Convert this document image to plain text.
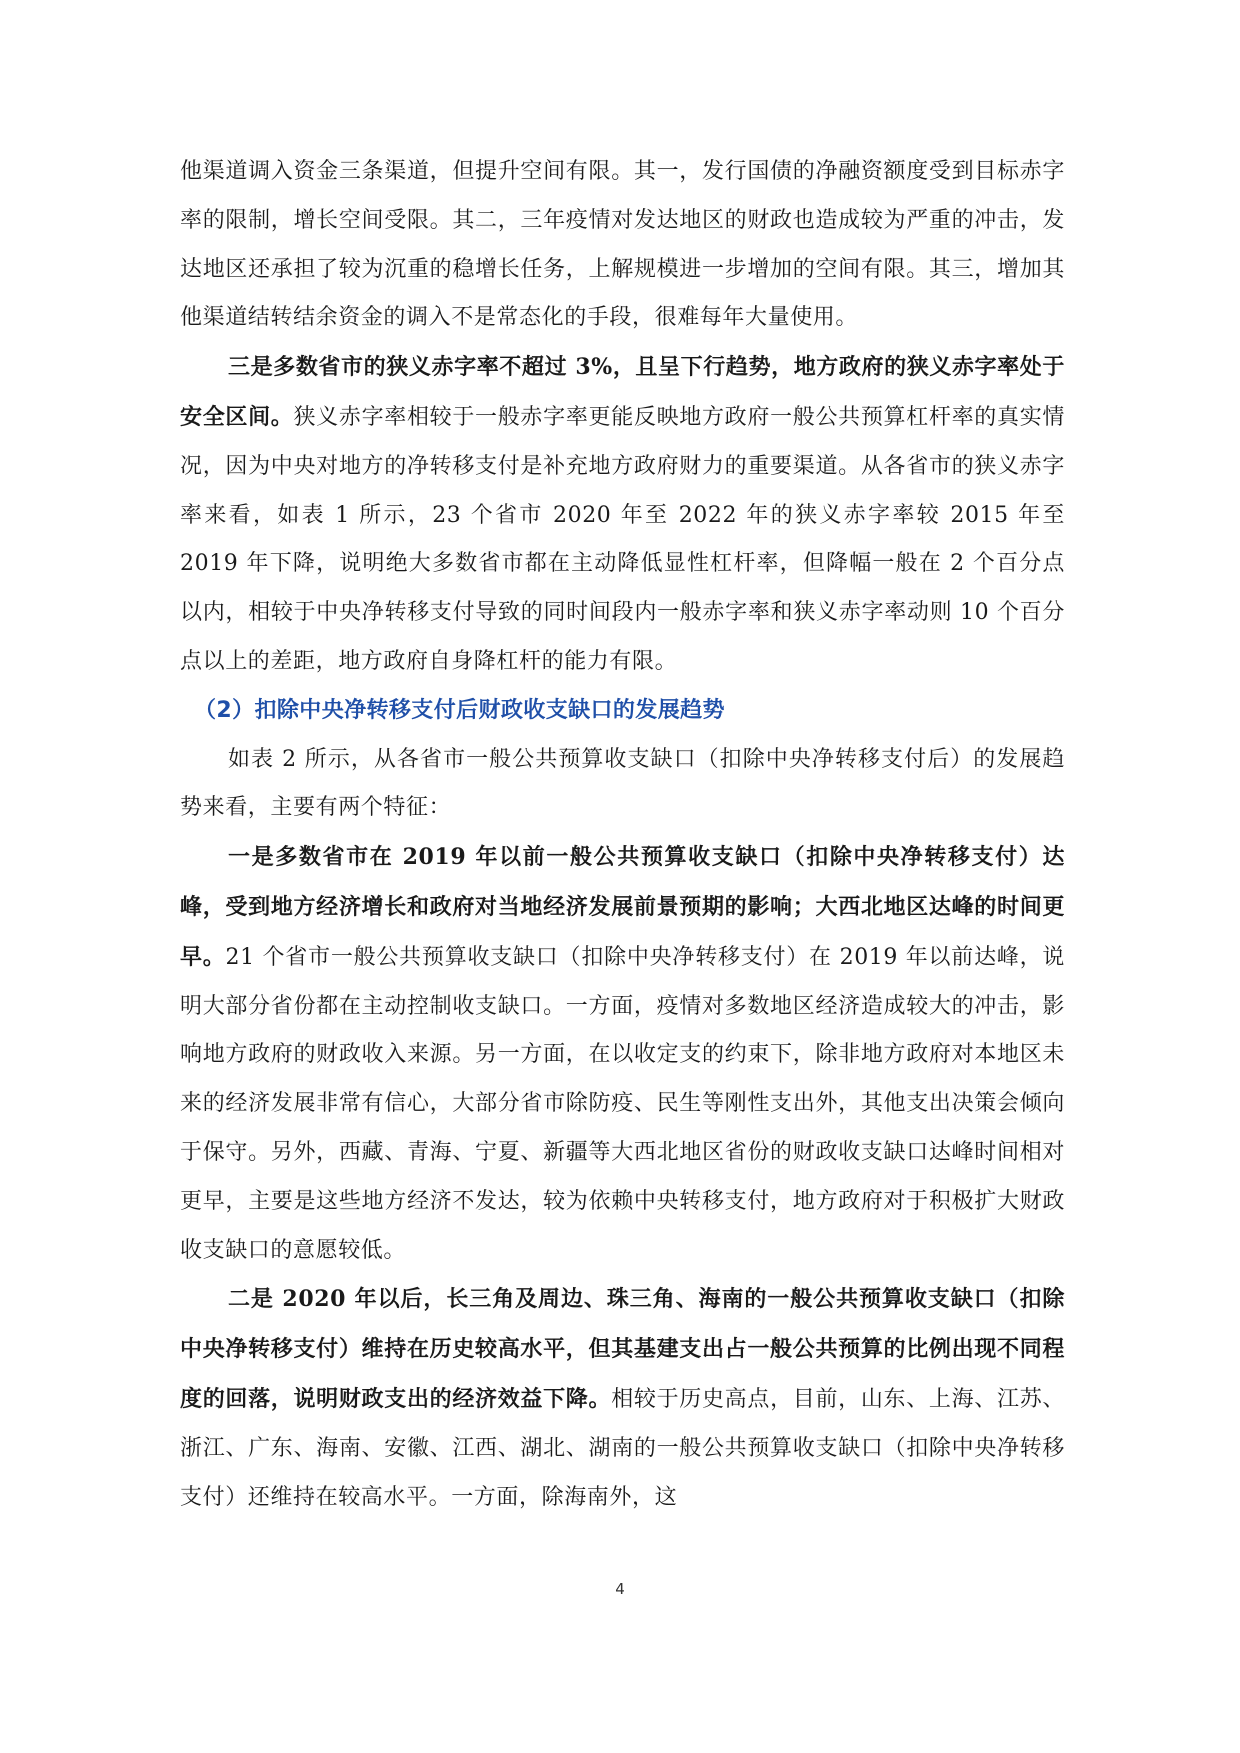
他渠道调入资金三条渠道，但提升空间有限。其一，发行国债的净融资额度受到目标赤字率的限制，增长空间受限。其二，三年疫情对发达地区的财政也造成较为严重的冲击，发达地区还承担了较为沉重的稳增长任务，上解规模进一步增加的空间有限。其三，增加其他渠道结转结余资金的调入不是常态化的手段，很难每年大量使用。

三是多数省市的狭义赤字率不超过 3%，且呈下行趋势，地方政府的狭义赤字率处于安全区间。狭义赤字率相较于一般赤字率更能反映地方政府一般公共预算杠杆率的真实情况，因为中央对地方的净转移支付是补充地方政府财力的重要渠道。从各省市的狭义赤字率来看，如表 1 所示，23 个省市 2020 年至 2022 年的狭义赤字率较 2015 年至 2019 年下降，说明绝大多数省市都在主动降低显性杠杆率，但降幅一般在 2 个百分点以内，相较于中央净转移支付导致的同时间段内一般赤字率和狭义赤字率动则 10 个百分点以上的差距，地方政府自身降杠杆的能力有限。

（2）扣除中央净转移支付后财政收支缺口的发展趋势

如表 2 所示，从各省市一般公共预算收支缺口（扣除中央净转移支付后）的发展趋势来看，主要有两个特征：

一是多数省市在 2019 年以前一般公共预算收支缺口（扣除中央净转移支付）达峰，受到地方经济增长和政府对当地经济发展前景预期的影响；大西北地区达峰的时间更早。21 个省市一般公共预算收支缺口（扣除中央净转移支付）在 2019 年以前达峰，说明大部分省份都在主动控制收支缺口。一方面，疫情对多数地区经济造成较大的冲击，影响地方政府的财政收入来源。另一方面，在以收定支的约束下，除非地方政府对本地区未来的经济发展非常有信心，大部分省市除防疫、民生等刚性支出外，其他支出决策会倾向于保守。另外，西藏、青海、宁夏、新疆等大西北地区省份的财政收支缺口达峰时间相对更早，主要是这些地方经济不发达，较为依赖中央转移支付，地方政府对于积极扩大财政收支缺口的意愿较低。

二是 2020 年以后，长三角及周边、珠三角、海南的一般公共预算收支缺口（扣除中央净转移支付）维持在历史较高水平，但其基建支出占一般公共预算的比例出现不同程度的回落，说明财政支出的经济效益下降。相较于历史高点，目前，山东、上海、江苏、浙江、广东、海南、安徽、江西、湖北、湖南的一般公共预算收支缺口（扣除中央净转移支付）还维持在较高水平。一方面，除海南外，这

4
